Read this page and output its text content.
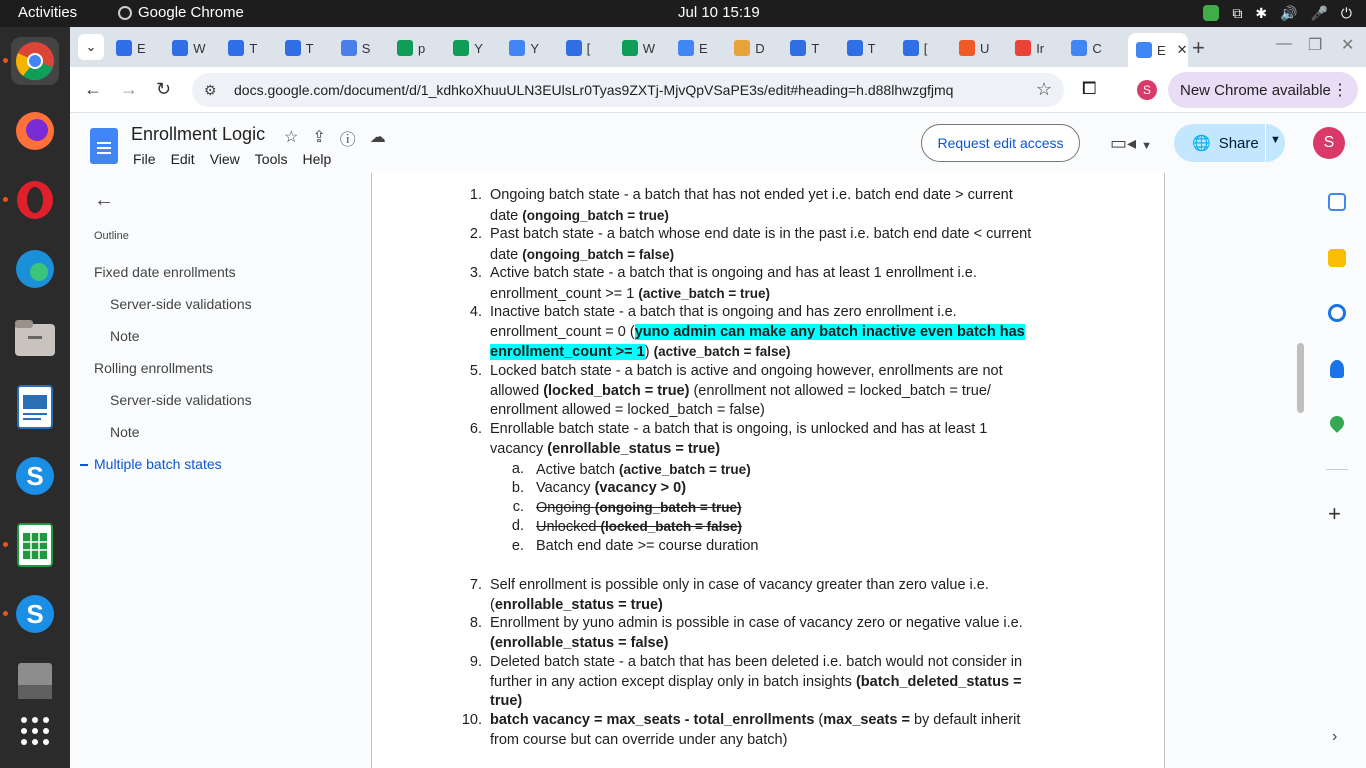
Activities	Google Chrome	Jul 10 15:19	⧉ ✱ 🔊 🎤 ⏻
S
S
⌄	E	W	T	T	S	p	Y	Y	[	W	E	D	T	T	[	U	Ir	C	E ✕ +	— ❐ ✕
← → ↻ ⚙	docs.google.com/document/d/1_kdhkoXhuuULN3EUlsLr0Tyas9ZXTj-MjvQpVSaPE3s/edit#heading=h.d88lhwzgfjmq	☆ ⧠	S	New Chrome available ⋮
Enrollment Logic ☆ ⇪ ⓘ ☁
File Edit View Tools Help
Request edit access	▭◂ ▼	🌐 Share ▼	S
←
Outline
Fixed date enrollments
Server-side validations
Note
Rolling enrollments
Server-side validations
Note
Multiple batch states
1. Ongoing batch state - a batch that has not ended yet i.e. batch end date > current
date (ongoing_batch = true)
2. Past batch state - a batch whose end date is in the past i.e. batch end date < current
date (ongoing_batch = false)
3. Active batch state - a batch that is ongoing and has at least 1 enrollment i.e.
enrollment_count >= 1 (active_batch = true)
4. Inactive batch state - a batch that is ongoing and has zero enrollment i.e.
enrollment_count = 0 (yuno admin can make any batch inactive even batch has
enrollment_count >= 1) (active_batch = false)
5. Locked batch state - a batch is active and ongoing however, enrollments are not
allowed (locked_batch = true) (enrollment not allowed = locked_batch = true/
enrollment allowed = locked_batch = false)
6. Enrollable batch state - a batch that is ongoing, is unlocked and has at least 1
vacancy (enrollable_status = true)
a. Active batch (active_batch = true)
b. Vacancy (vacancy > 0)
c. Ongoing (ongoing_batch = true)
d. Unlocked (locked_batch = false)
e. Batch end date >= course duration
7. Self enrollment is possible only in case of vacancy greater than zero value i.e.
(enrollable_status = true)
8. Enrollment by yuno admin is possible in case of vacancy zero or negative value i.e.
(enrollable_status = false)
9. Deleted batch state - a batch that has been deleted i.e. batch would not consider in
further in any action except display only in batch insights (batch_deleted_status =
true)
10. batch vacancy = max_seats - total_enrollments (max_seats = by default inherit
from course but can override under any batch)
+
›
